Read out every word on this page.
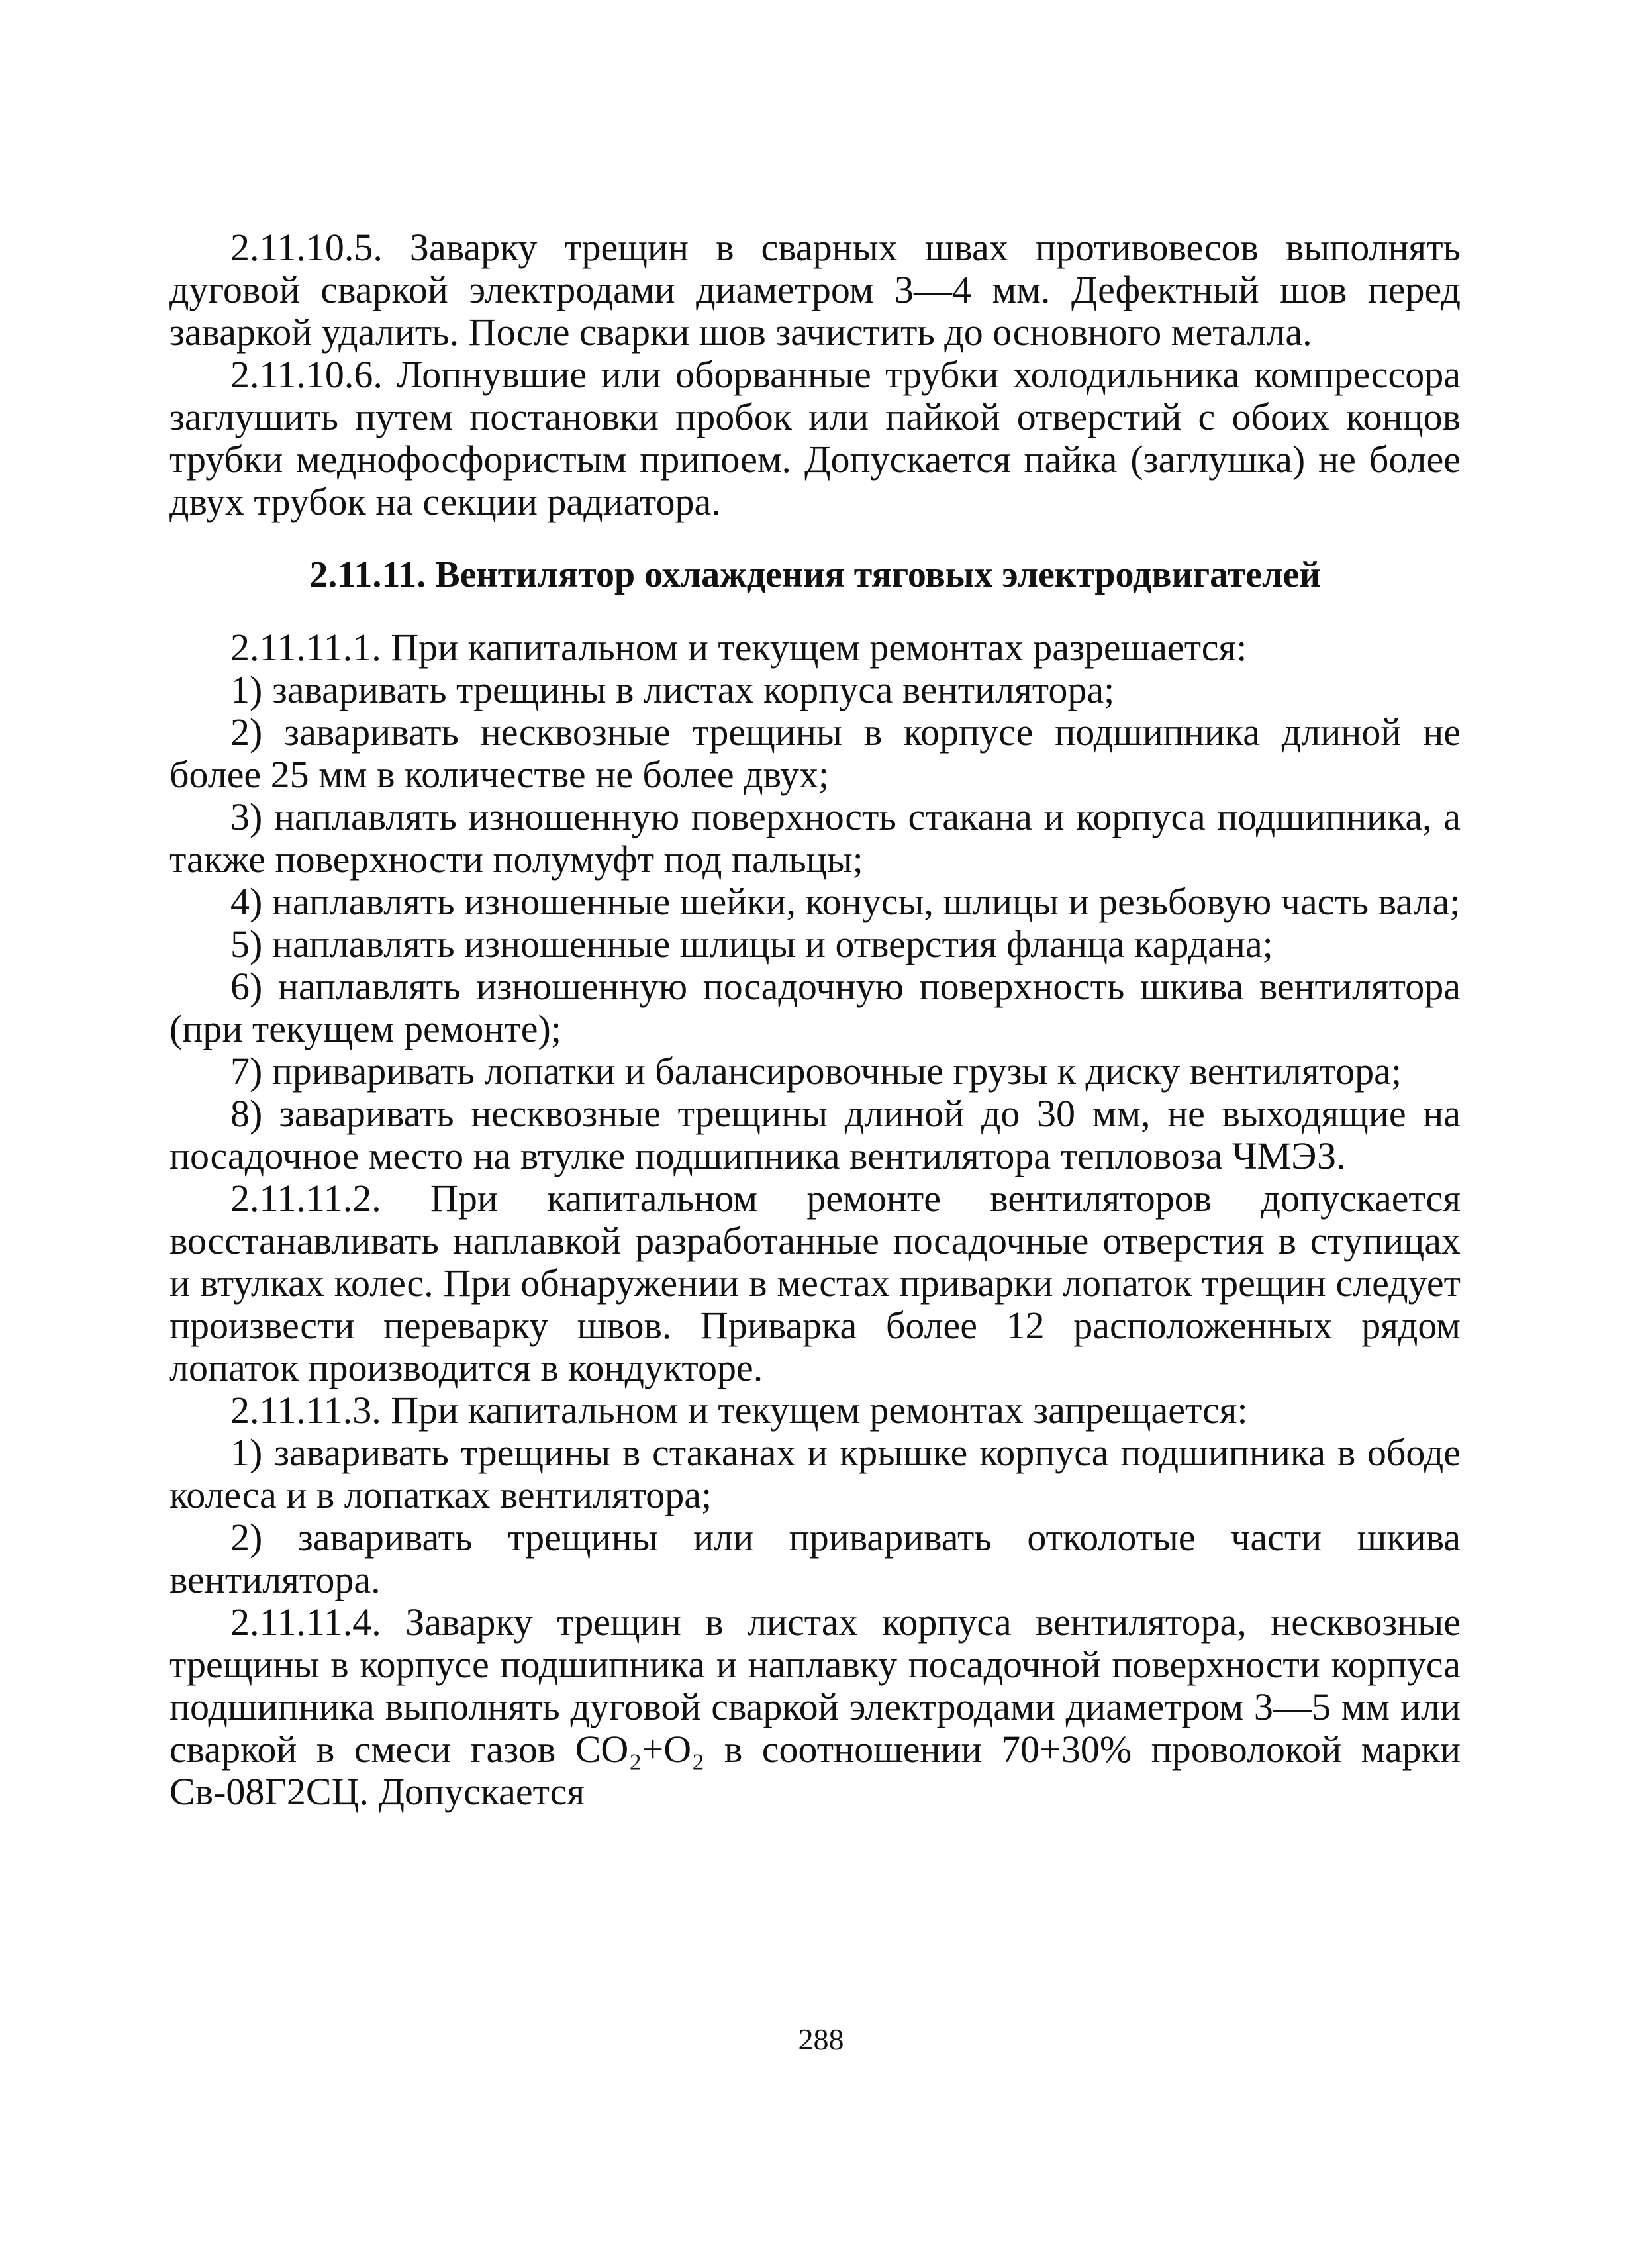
2.11.10.5. Заварку трещин в сварных швах противовесов выполнять дуговой сваркой электродами диаметром 3—4 мм. Дефектный шов перед заваркой удалить. После сварки шов зачистить до основного металла.

2.11.10.6. Лопнувшие или оборванные трубки холодильника компрессора заглушить путем постановки пробок или пайкой отверстий с обоих концов трубки меднофосфористым припоем. Допускается пайка (заглушка) не более двух трубок на секции радиатора.

2.11.11. Вентилятор охлаждения тяговых электродвигателей

2.11.11.1. При капитальном и текущем ремонтах разрешается:

1) заваривать трещины в листах корпуса вентилятора;

2) заваривать несквозные трещины в корпусе подшипника длиной не более 25 мм в количестве не более двух;

3) наплавлять изношенную поверхность стакана и корпуса подшипника, а также поверхности полумуфт под пальцы;

4) наплавлять изношенные шейки, конусы, шлицы и резьбовую часть вала;

5) наплавлять изношенные шлицы и отверстия фланца кардана;

6) наплавлять изношенную посадочную поверхность шкива вентилятора (при текущем ремонте);

7) приваривать лопатки и балансировочные грузы к диску вентилятора;

8) заваривать несквозные трещины длиной до 30 мм, не выходящие на посадочное место на втулке подшипника вентилятора тепловоза ЧМЭЗ.

2.11.11.2. При капитальном ремонте вентиляторов допускается восстанавливать наплавкой разработанные посадочные отверстия в ступицах и втулках колес. При обнаружении в местах приварки лопаток трещин следует произвести переварку швов. Приварка более 12 расположенных рядом лопаток производится в кондукторе.

2.11.11.3. При капитальном и текущем ремонтах запрещается:

1) заваривать трещины в стаканах и крышке корпуса подшипника в ободе колеса и в лопатках вентилятора;

2) заваривать трещины или приваривать отколотые части шкива вентилятора.

2.11.11.4. Заварку трещин в листах корпуса вентилятора, несквозные трещины в корпусе подшипника и наплавку посадочной поверхности корпуса подшипника выполнять дуговой сваркой электродами диаметром 3—5 мм или сваркой в смеси газов CO₂+O₂ в соотношении 70+30% проволокой марки Св-08Г2СЦ. Допускается

288
